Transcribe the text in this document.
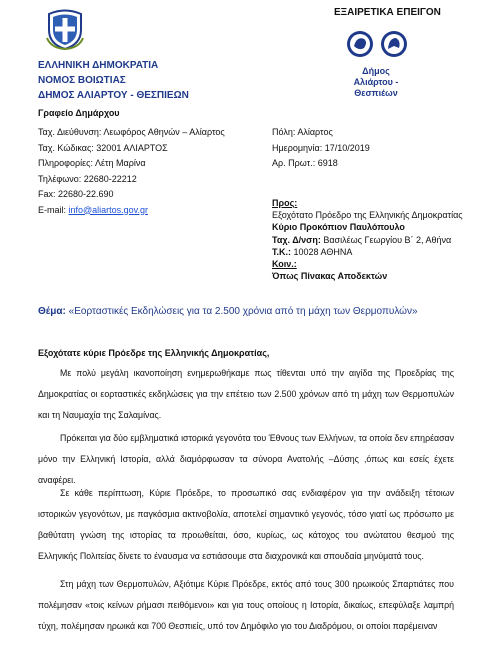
ΕΞΑΙΡΕΤΙΚΑ ΕΠΕΙΓΟΝ
Δήμος
Αλιάρτου - Θεσπιέων
ΕΛΛΗΝΙΚΗ ΔΗΜΟΚΡΑΤΙΑ
ΝΟΜΟΣ ΒΟΙΩΤΙΑΣ
ΔΗΜΟΣ ΑΛΙΑΡΤΟΥ - ΘΕΣΠΙΕΩΝ
Γραφείο Δημάρχου
Ταχ. Διεύθυνση: Λεωφόρος Αθηνών – Αλίαρτος
Ταχ. Κώδικας: 32001 ΑΛΙΑΡΤΟΣ
Πληροφορίες: Λέτη Μαρίνα
Τηλέφωνο: 22680-22212
Fax: 22680-22.690
E-mail: info@aliartos.gov.gr
Πόλη: Αλίαρτος
Ημερομηνία: 17/10/2019
Αρ. Πρωτ.: 6918
Προς:
Εξοχότατο Πρόεδρο της Ελληνικής Δημοκρατίας
Κύριο Προκόπιον Παυλόπουλο
Ταχ. Δ/νση: Βασιλέως Γεωργίου Β΄ 2, Αθήνα
Τ.Κ.: 10028 ΑΘΗΝΑ
Κοιν.:
Όπως Πίνακας Αποδεκτών
Θέμα: «Εορταστικές Εκδηλώσεις για τα 2.500 χρόνια από τη μάχη των Θερμοπυλών»
Εξοχότατε κύριε Πρόεδρε της Ελληνικής Δημοκρατίας,
Με πολύ μεγάλη ικανοποίηση ενημερωθήκαμε πως τίθενται υπό την αιγίδα της Προεδρίας της Δημοκρατίας οι εορταστικές εκδηλώσεις για την επέτειο των 2.500 χρόνων από τη μάχη των Θερμοπυλών και τη Ναυμαχία της Σαλαμίνας.
Πρόκειται για δύο εμβληματικά ιστορικά γεγονότα του Έθνους των Ελλήνων, τα οποία δεν επηρέασαν μόνο την Ελληνική Ιστορία, αλλά διαμόρφωσαν τα σύνορα Ανατολής –Δύσης ,όπως και εσείς έχετε αναφέρει.
Σε κάθε περίπτωση, Κύριε Πρόεδρε, το προσωπικό σας ενδιαφέρον για την ανάδειξη τέτοιων ιστορικών γεγονότων, με παγκόσμια ακτινοβολία, αποτελεί σημαντικό γεγονός, τόσο γιατί ως πρόσωπο με βαθύτατη γνώση της ιστορίας τα προωθείται, όσο, κυρίως, ως κάτοχος του ανώτατου θεσμού της Ελληνικής Πολιτείας δίνετε το έναυσμα να εστιάσουμε στα διαχρονικά και σπουδαία μηνύματά τους.
Στη μάχη των Θερμοπυλών, Αξιότιμε Κύριε Πρόεδρε, εκτός από τους 300 ηρωικούς Σπαρτιάτες που πολέμησαν «τοις κείνων ρήμασι πειθόμενοι» και για τους οποίους η Ιστορία, δικαίως, επεφύλαξε λαμπρή τύχη, πολέμησαν ηρωικά και 700 Θεσπιείς, υπό τον Δημόφιλο γιο του Διαδρόμου, οι οποίοι παρέμειναν
